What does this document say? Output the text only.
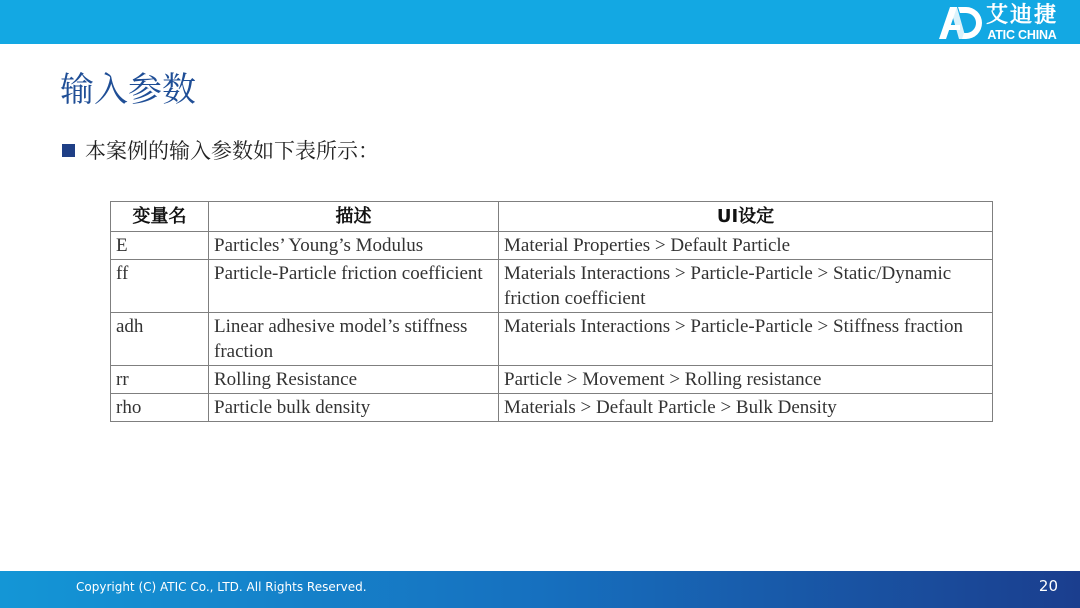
艾迪捷
ATIC CHINA
输入参数
本案例的输入参数如下表所示：
变量名	描述	UI设定
E	Particles’ Young’s Modulus	Material Properties > Default Particle
ff	Particle-Particle friction coefficient	Materials Interactions > Particle-Particle > Static/Dynamic friction coefficient
adh	Linear adhesive model’s stiffness fraction	Materials Interactions > Particle-Particle > Stiffness fraction
rr	Rolling Resistance	Particle > Movement > Rolling resistance
rho	Particle bulk density	Materials > Default Particle > Bulk Density
Copyright (C) ATIC Co., LTD. All Rights Reserved.	20
